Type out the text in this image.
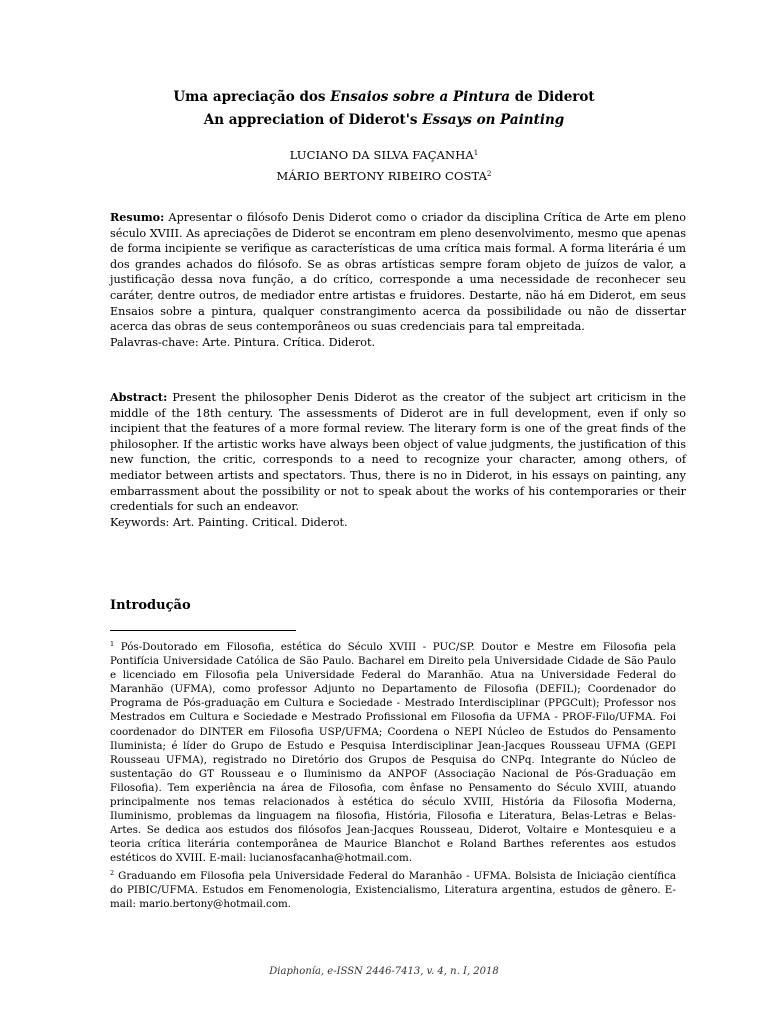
Uma apreciação dos Ensaios sobre a Pintura de Diderot
An appreciation of Diderot's Essays on Painting
LUCIANO DA SILVA FAÇANHA$^1$
MÁRIO BERTONY RIBEIRO COSTA$^2$

Resumo: Apresentar o filósofo Denis Diderot como o criador da disciplina Crítica de Arte em pleno século XVIII. As apreciações de Diderot se encontram em pleno desenvolvimento, mesmo que apenas de forma incipiente se verifique as características de uma crítica mais formal. A forma literária é um dos grandes achados do filósofo. Se as obras artísticas sempre foram objeto de juízos de valor, a justificação dessa nova função, a do crítico, corresponde a uma necessidade de reconhecer seu caráter, dentre outros, de mediador entre artistas e fruidores. Destarte, não há em Diderot, em seus Ensaios sobre a pintura, qualquer constrangimento acerca da possibilidade ou não de dissertar acerca das obras de seus contemporâneos ou suas credenciais para tal empreitada.

Palavras-chave: Arte. Pintura. Crítica. Diderot.

Abstract: Present the philosopher Denis Diderot as the creator of the subject art criticism in the middle of the 18th century. The assessments of Diderot are in full development, even if only so incipient that the features of a more formal review. The literary form is one of the great finds of the philosopher. If the artistic works have always been object of value judgments, the justification of this new function, the critic, corresponds to a need to recognize your character, among others, of mediator between artists and spectators. Thus, there is no in Diderot, in his essays on painting, any embarrassment about the possibility or not to speak about the works of his contemporaries or their credentials for such an endeavor.

Keywords: Art. Painting. Critical. Diderot.

Introdução

$^1$ Pós-Doutorado em Filosofia, estética do Século XVIII - PUC/SP. Doutor e Mestre em Filosofia pela Pontifícia Universidade Católica de São Paulo. Bacharel em Direito pela Universidade Cidade de São Paulo e licenciado em Filosofia pela Universidade Federal do Maranhão. Atua na Universidade Federal do Maranhão (UFMA), como professor Adjunto no Departamento de Filosofia (DEFIL); Coordenador do Programa de Pós-graduação em Cultura e Sociedade - Mestrado Interdisciplinar (PPGCult); Professor nos Mestrados em Cultura e Sociedade e Mestrado Profissional em Filosofia da UFMA - PROF-Filo/UFMA. Foi coordenador do DINTER em Filosofia USP/UFMA; Coordena o NEPI Núcleo de Estudos do Pensamento Iluminista; é líder do Grupo de Estudo e Pesquisa Interdisciplinar Jean-Jacques Rousseau UFMA (GEPI Rousseau UFMA), registrado no Diretório dos Grupos de Pesquisa do CNPq. Integrante do Núcleo de sustentação do GT Rousseau e o Iluminismo da ANPOF (Associação Nacional de Pós-Graduação em Filosofia). Tem experiência na área de Filosofia, com ênfase no Pensamento do Século XVIII, atuando principalmente nos temas relacionados à estética do século XVIII, História da Filosofia Moderna, Iluminismo, problemas da linguagem na filosofia, História, Filosofia e Literatura, Belas-Letras e Belas-Artes. Se dedica aos estudos dos filósofos Jean-Jacques Rousseau, Diderot, Voltaire e Montesquieu e a teoria crítica literária contemporânea de Maurice Blanchot e Roland Barthes referentes aos estudos estéticos do XVIII. E-mail: lucianosfacanha@hotmail.com.

$^2$ Graduando em Filosofia pela Universidade Federal do Maranhão - UFMA. Bolsista de Iniciação científica do PIBIC/UFMA. Estudos em Fenomenologia, Existencialismo, Literatura argentina, estudos de gênero. E-mail: mario.bertony@hotmail.com.

Diaphonía, e-ISSN 2446-7413, v. 4, n. I, 2018
